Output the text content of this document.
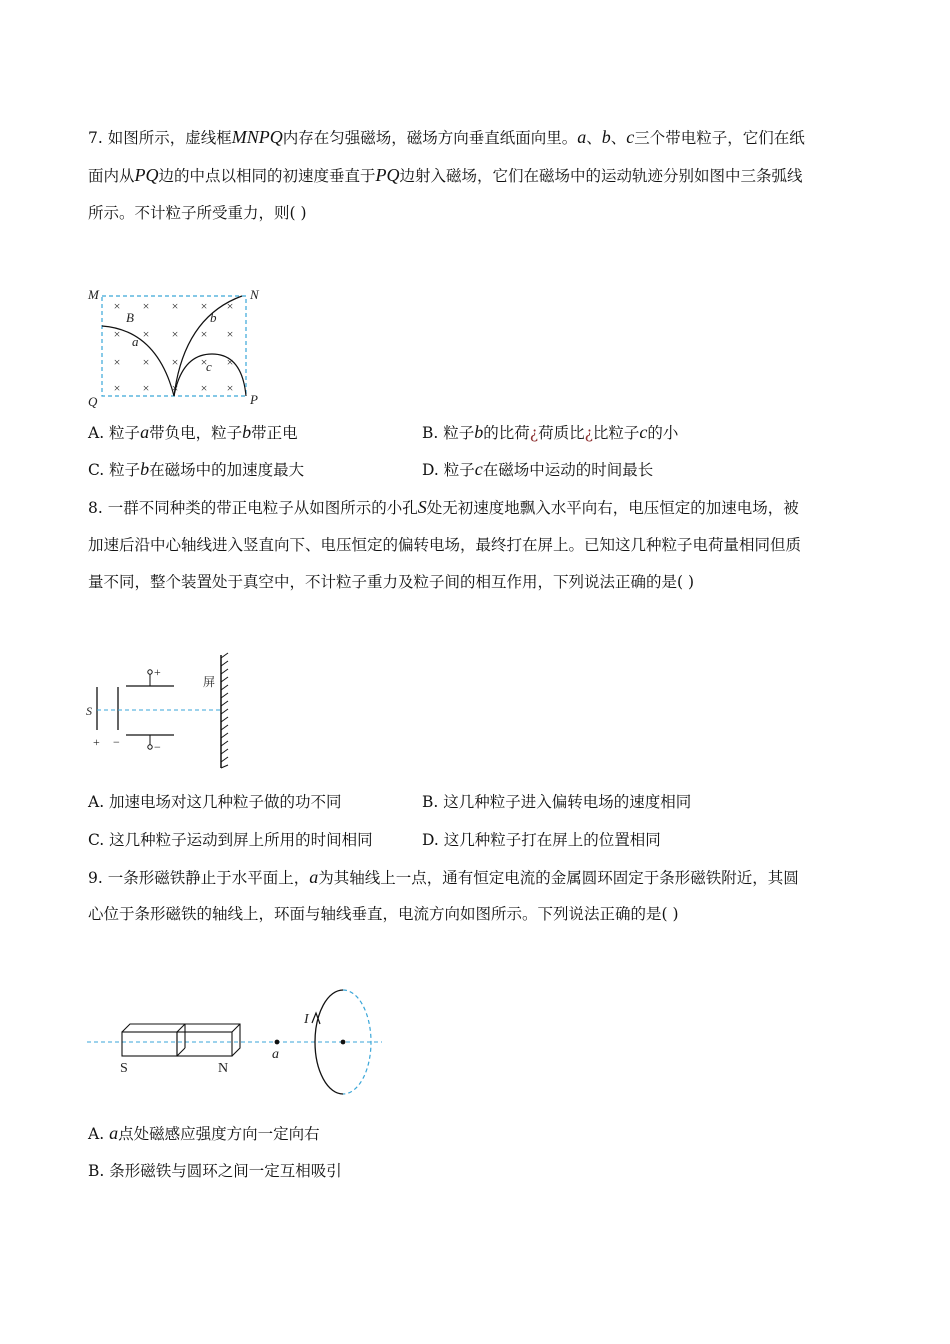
7. 如图所示，虚线框MNPQ内存在匀强磁场，磁场方向垂直纸面向里。a、b、c三个带电粒子，它们在纸
面内从PQ边的中点以相同的初速度垂直于PQ边射入磁场，它们在磁场中的运动轨迹分别如图中三条弧线
所示。不计粒子所受重力，则( )
× × × × ×
× × × × ×
× × × × ×
× × × × ×
M	N
P
Q
B
a
b
c
A. 粒子a带负电，粒子b带正电	B. 粒子b的比荷¿荷质比¿比粒子c的小
C. 粒子b在磁场中的加速度最大	D. 粒子c在磁场中运动的时间最长
8. 一群不同种类的带正电粒子从如图所示的小孔S处无初速度地飘入水平向右，电压恒定的加速电场，被
加速后沿中心轴线进入竖直向下、电压恒定的偏转电场，最终打在屏上。已知这几种粒子电荷量相同但质
量不同，整个装置处于真空中，不计粒子重力及粒子间的相互作用，下列说法正确的是( )
S
屏
+
−
+ −
A. 加速电场对这几种粒子做的功不同	B. 这几种粒子进入偏转电场的速度相同
C. 这几种粒子运动到屏上所用的时间相同	D. 这几种粒子打在屏上的位置相同
9. 一条形磁铁静止于水平面上，a为其轴线上一点，通有恒定电流的金属圆环固定于条形磁铁附近，其圆
心位于条形磁铁的轴线上，环面与轴线垂直，电流方向如图所示。下列说法正确的是( )
S	N
a
I
A. a点处磁感应强度方向一定向右
B. 条形磁铁与圆环之间一定互相吸引
